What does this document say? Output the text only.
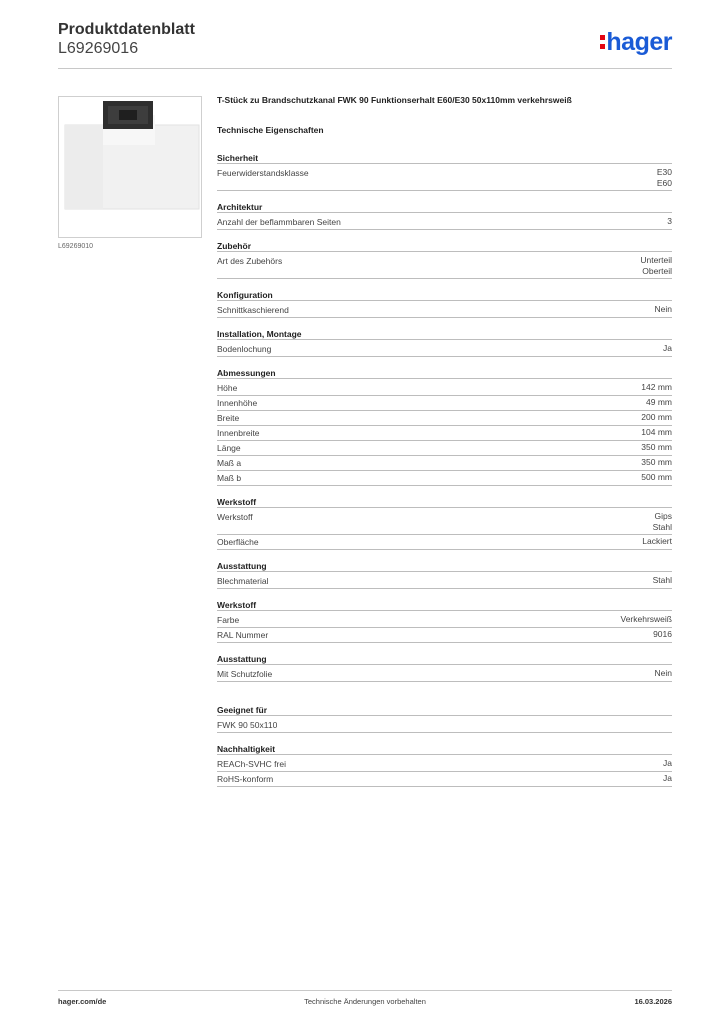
Produktdatenblatt
L69269016	hager
L69269010
T-Stück zu Brandschutzkanal FWK 90 Funktionserhalt E60/E30 50x110mm verkehrsweiß
Technische Eigenschaften
Sicherheit
Feuerwiderstandsklasse	E30
E60
Architektur
Anzahl der beflammbaren Seiten	3
Zubehör
Art des Zubehörs	Unterteil
Oberteil
Konfiguration
Schnittkaschierend	Nein
Installation, Montage
Bodenlochung	Ja
Abmessungen
Höhe	142 mm
Innenhöhe	49 mm
Breite	200 mm
Innenbreite	104 mm
Länge	350 mm
Maß a	350 mm
Maß b	500 mm
Werkstoff
Werkstoff	Gips
Stahl
Oberfläche	Lackiert
Ausstattung
Blechmaterial	Stahl
Werkstoff
Farbe	Verkehrsweiß
RAL Nummer	9016
Ausstattung
Mit Schutzfolie	Nein
Geeignet für
FWK 90 50x110
Nachhaltigkeit
REACh-SVHC frei	Ja
RoHS-konform	Ja
hager.com/de	Technische Änderungen vorbehalten	16.03.2026
